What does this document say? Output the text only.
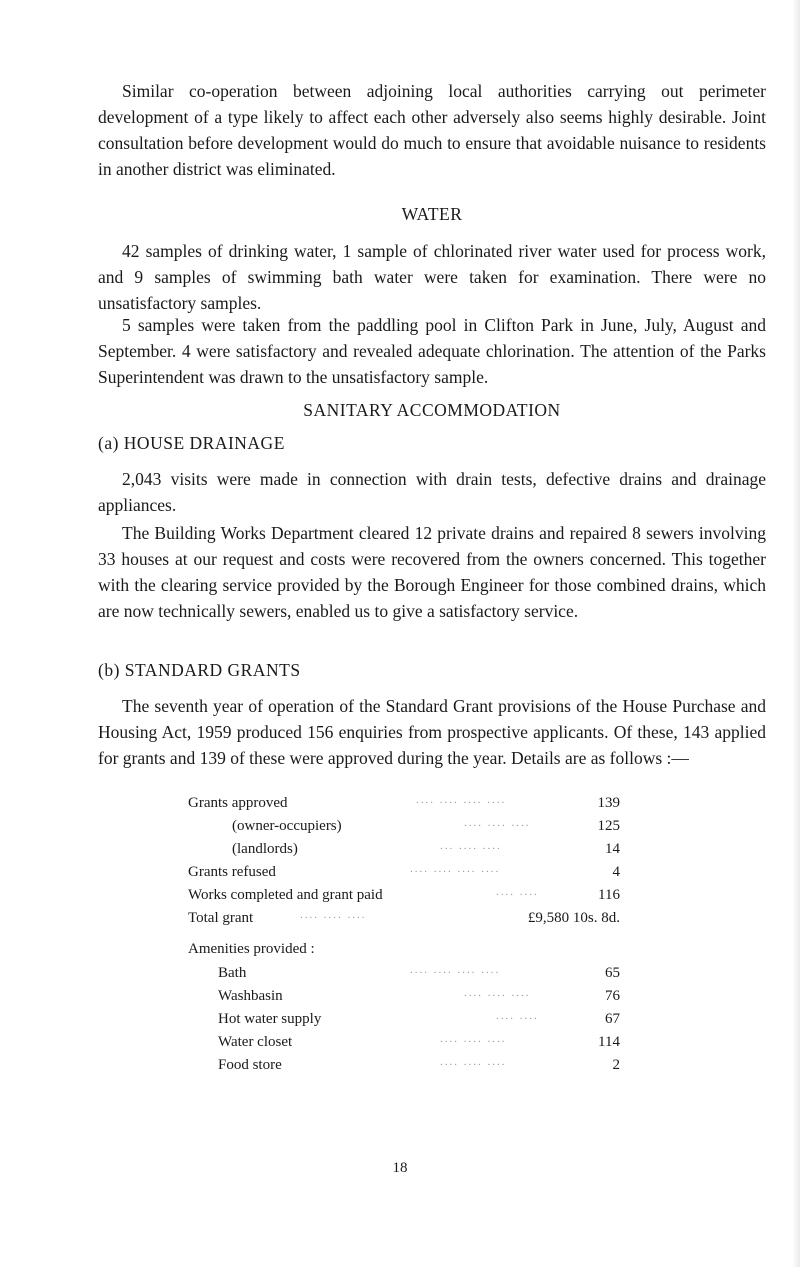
Similar co-operation between adjoining local authorities carrying out perimeter development of a type likely to affect each other adversely also seems highly desirable. Joint consultation before development would do much to ensure that avoidable nuisance to residents in another district was eliminated.

WATER

42 samples of drinking water, 1 sample of chlorinated river water used for process work, and 9 samples of swimming bath water were taken for examination. There were no unsatisfactory samples.

5 samples were taken from the paddling pool in Clifton Park in June, July, August and September. 4 were satisfactory and revealed adequate chlorination. The attention of the Parks Superintendent was drawn to the unsatisfactory sample.

SANITARY ACCOMMODATION
(a) HOUSE DRAINAGE

2,043 visits were made in connection with drain tests, defective drains and drainage appliances.

The Building Works Department cleared 12 private drains and repaired 8 sewers involving 33 houses at our request and costs were recovered from the owners concerned. This together with the clearing service provided by the Borough Engineer for those combined drains, which are now technically sewers, enabled us to give a satisfactory service.

(b) STANDARD GRANTS

The seventh year of operation of the Standard Grant provisions of the House Purchase and Housing Act, 1959 produced 156 enquiries from prospective applicants. Of these, 143 applied for grants and 139 of these were approved during the year. Details are as follows :—

Grants approved	.... .... .... ....	139
(owner-occupiers)	.... .... ....	125
(landlords)	... .... ....	14
Grants refused	.... .... .... ....	4
Works completed and grant paid	.... ....	116
Total grant	.... .... ....	£9,580 10s. 8d.
Amenities provided :
Bath	.... .... .... ....	65
Washbasin	.... .... ....	76
Hot water supply	.... ....	67
Water closet	.... .... ....	114
Food store	.... .... ....	2
18
